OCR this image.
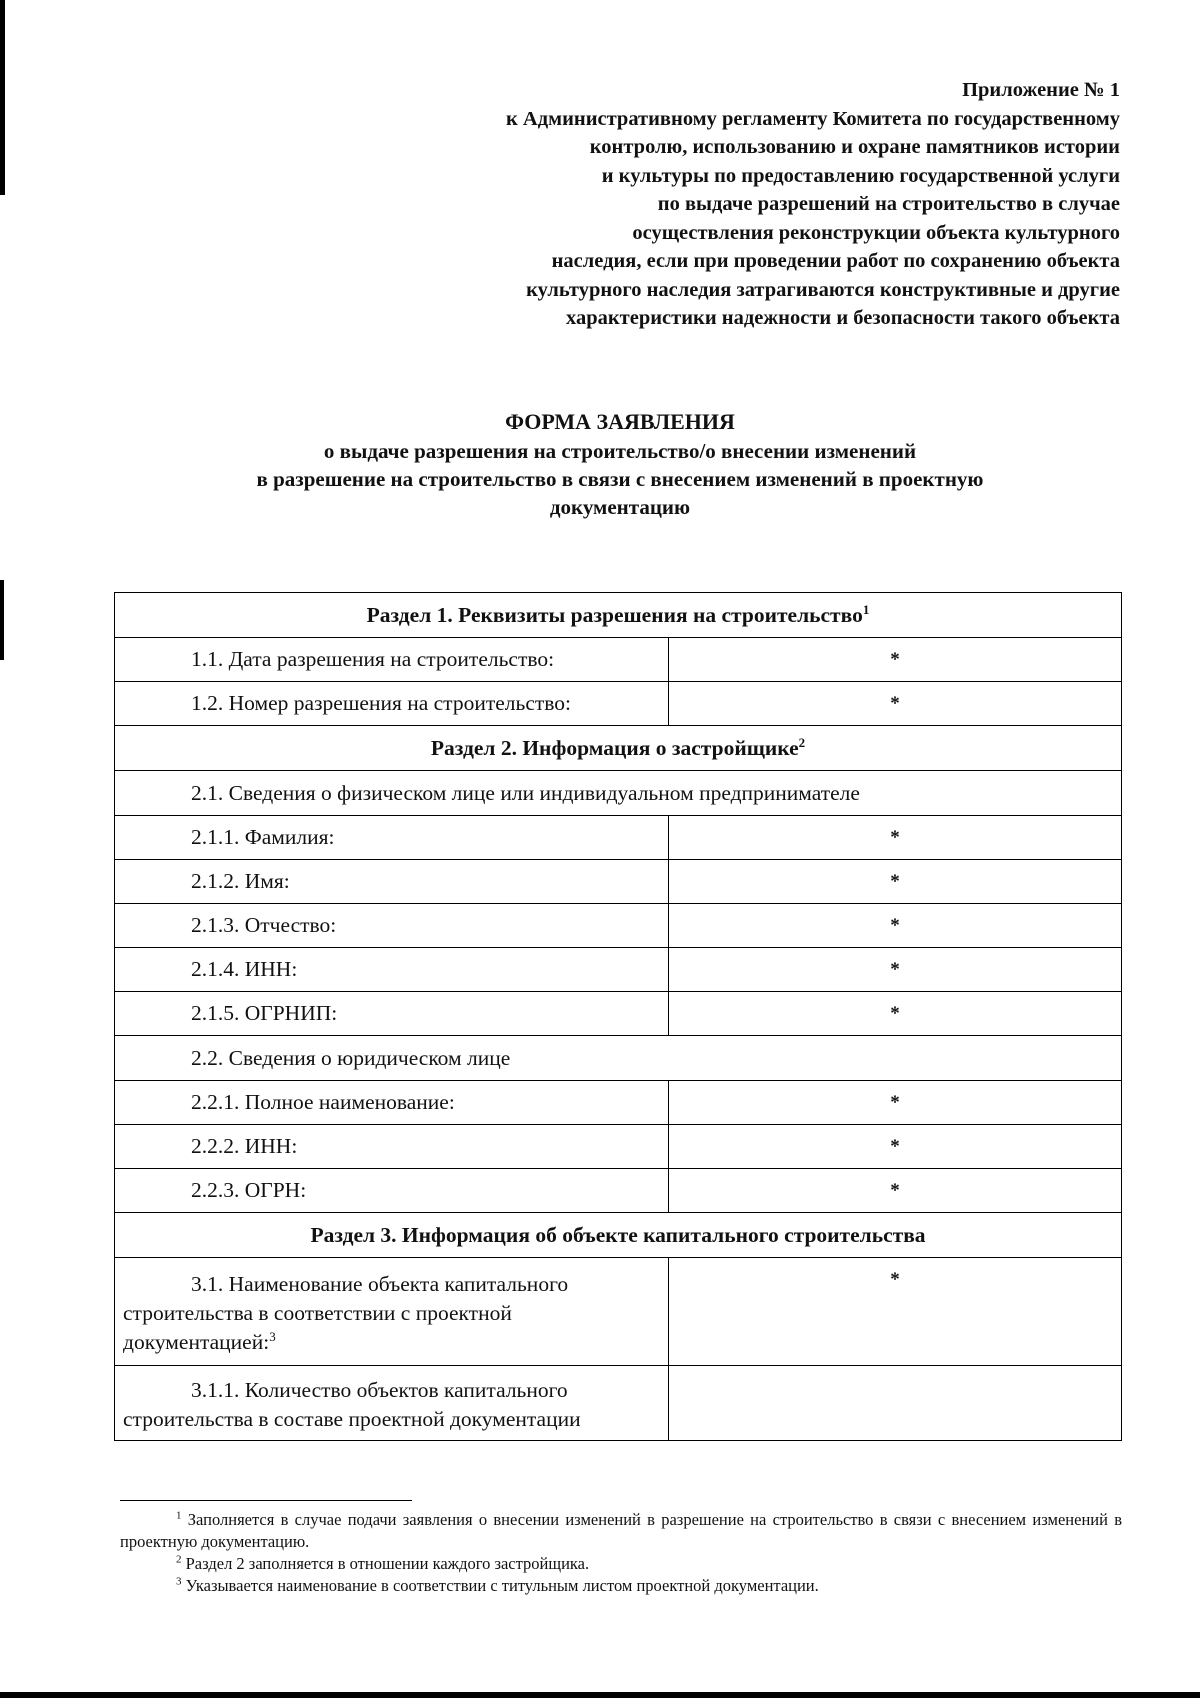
Приложение № 1
к Административному регламенту Комитета по государственному
контролю, использованию и охране памятников истории
и культуры по предоставлению государственной услуги
по выдаче разрешений на строительство в случае
осуществления реконструкции объекта культурного
наследия, если при проведении работ по сохранению объекта
культурного наследия затрагиваются конструктивные и другие
характеристики надежности и безопасности такого объекта
ФОРМА ЗАЯВЛЕНИЯ
о выдаче разрешения на строительство/о внесении изменений
в разрешение на строительство в связи с внесением изменений в проектную
документацию
Раздел 1. Реквизиты разрешения на строительство$^1$
1.1. Дата разрешения на строительство:	*
1.2. Номер разрешения на строительство:	*
Раздел 2. Информация о застройщике$^2$
2.1. Сведения о физическом лице или индивидуальном предпринимателе	
2.1.1. Фамилия:	*
2.1.2. Имя:	*
2.1.3. Отчество:	*
2.1.4. ИНН:	*
2.1.5. ОГРНИП:	*
2.2. Сведения о юридическом лице	
2.2.1. Полное наименование:	*
2.2.2. ИНН:	*
2.2.3. ОГРН:	*
Раздел 3. Информация об объекте капитального строительства	
3.1. Наименование объекта капитального
строительства в соответствии с проектной
документацией:$^3$	*
3.1.1. Количество объектов капитального
строительства в составе проектной документации	

$^1$ Заполняется в случае подачи заявления о внесении изменений в разрешение на строительство в связи с внесением изменений в проектную документацию.

$^2$ Раздел 2 заполняется в отношении каждого застройщика.

$^3$ Указывается наименование в соответствии с титульным листом проектной документации.
